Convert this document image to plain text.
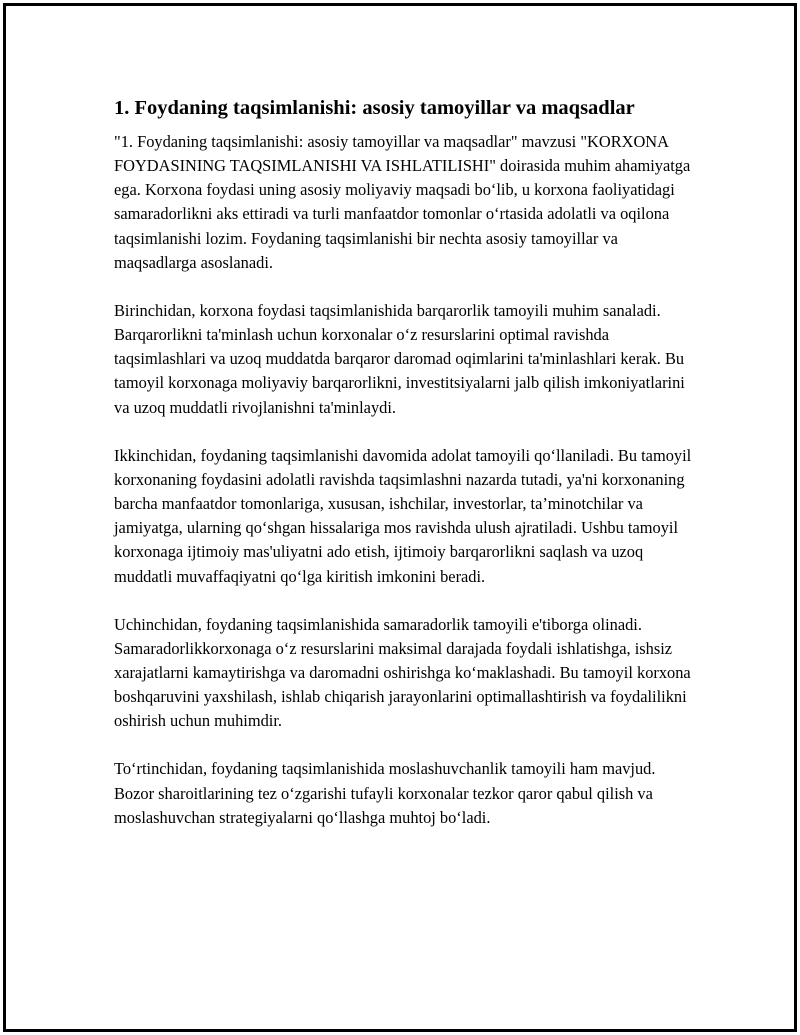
1. Foydaning taqsimlanishi: asosiy tamoyillar va maqsadlar

"1. Foydaning taqsimlanishi: asosiy tamoyillar va maqsadlar" mavzusi "KORXONA FOYDASINING TAQSIMLANISHI VA ISHLATILISHI" doirasida muhim ahamiyatga ega. Korxona foydasi uning asosiy moliyaviy maqsadi bo‘lib, u korxona faoliyatidagi samaradorlikni aks ettiradi va turli manfaatdor tomonlar o‘rtasida adolatli va oqilona taqsimlanishi lozim. Foydaning taqsimlanishi bir nechta asosiy tamoyillar va maqsadlarga asoslanadi.

Birinchidan, korxona foydasi taqsimlanishida barqarorlik tamoyili muhim sanaladi. Barqarorlikni ta'minlash uchun korxonalar o‘z resurslarini optimal ravishda taqsimlashlari va uzoq muddatda barqaror daromad oqimlarini ta'minlashlari kerak. Bu tamoyil korxonaga moliyaviy barqarorlikni, investitsiyalarni jalb qilish imkoniyatlarini va uzoq muddatli rivojlanishni ta'minlaydi.

Ikkinchidan, foydaning taqsimlanishi davomida adolat tamoyili qo‘llaniladi. Bu tamoyil korxonaning foydasini adolatli ravishda taqsimlashni nazarda tutadi, ya'ni korxonaning barcha manfaatdor tomonlariga, xususan, ishchilar, investorlar, ta’minotchilar va jamiyatga, ularning qo‘shgan hissalariga mos ravishda ulush ajratiladi. Ushbu tamoyil korxonaga ijtimoiy mas'uliyatni ado etish, ijtimoiy barqarorlikni saqlash va uzoq muddatli muvaffaqiyatni qo‘lga kiritish imkonini beradi.

Uchinchidan, foydaning taqsimlanishida samaradorlik tamoyili e'tiborga olinadi. Samaradorlikkorxonaga o‘z resurslarini maksimal darajada foydali ishlatishga, ishsiz xarajatlarni kamaytirishga va daromadni oshirishga ko‘maklashadi. Bu tamoyil korxona boshqaruvini yaxshilash, ishlab chiqarish jarayonlarini optimallashtirish va foydalilikni oshirish uchun muhimdir.

To‘rtinchidan, foydaning taqsimlanishida moslashuvchanlik tamoyili ham mavjud. Bozor sharoitlarining tez o‘zgarishi tufayli korxonalar tezkor qaror qabul qilish va moslashuvchan strategiyalarni qo‘llashga muhtoj bo‘ladi.
